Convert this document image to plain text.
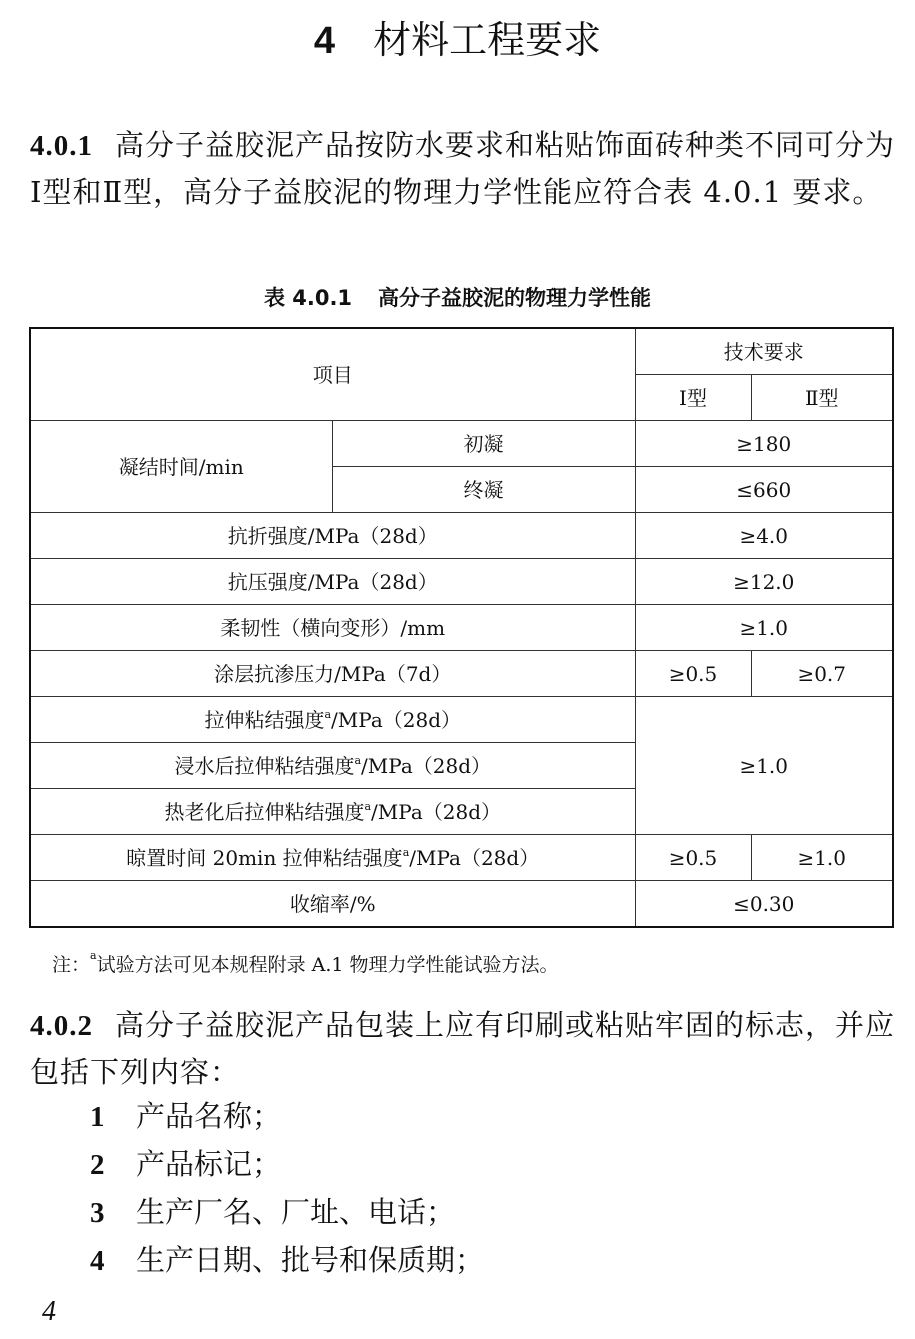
4 材料工程要求
4.0.1 高分子益胶泥产品按防水要求和粘贴饰面砖种类不同可分为Ⅰ型和Ⅱ型，高分子益胶泥的物理力学性能应符合表 4.0.1 要求。
表 4.0.1 高分子益胶泥的物理力学性能
项目		技术要求	
		Ⅰ型	Ⅱ型
凝结时间/min	初凝	≥180	
	终凝	≤660	
抗折强度/MPa（28d）		≥4.0	
抗压强度/MPa（28d）		≥12.0	
柔韧性（横向变形）/mm		≥1.0	
涂层抗渗压力/MPa（7d）		≥0.5	≥0.7
拉伸粘结强度$^a$/MPa（28d）		≥1.0	
浸水后拉伸粘结强度$^a$/MPa（28d）			
热老化后拉伸粘结强度$^a$/MPa（28d）			
晾置时间 20min 拉伸粘结强度$^a$/MPa（28d）		≥0.5	≥1.0
收缩率/%		≤0.30	
注：$^a$试验方法可见本规程附录 A.1 物理力学性能试验方法。
4.0.2 高分子益胶泥产品包装上应有印刷或粘贴牢固的标志，并应包括下列内容：
1 产品名称；
2 产品标记；
3 生产厂名、厂址、电话；
4 生产日期、批号和保质期；
4
